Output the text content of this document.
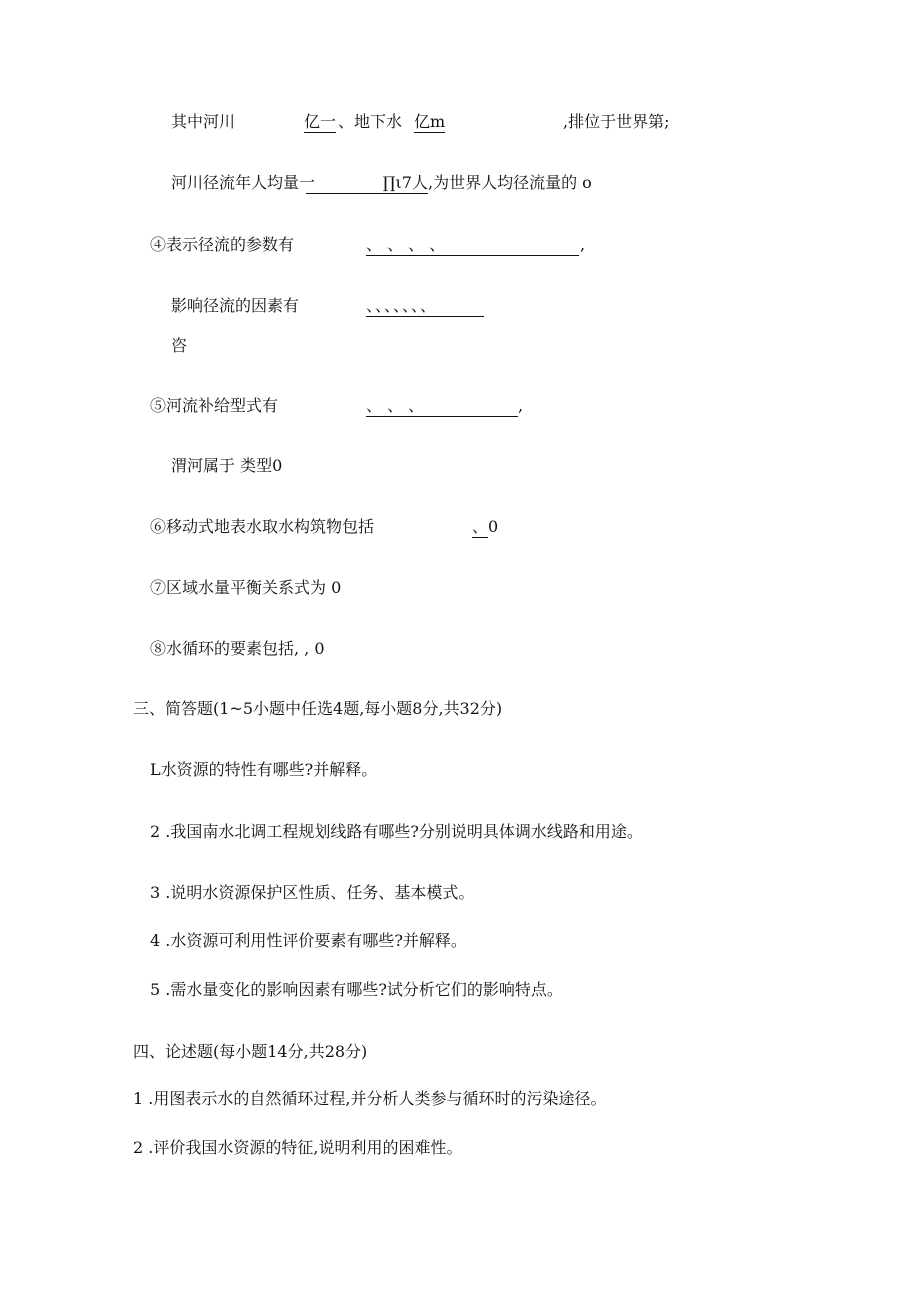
其中河川	亿一 、地下水 亿m	,排位于世界第;
河川径流年人均量一	∏ι7人 ,为世界人均径流量的 o
④表示径流的参数有	、 、 、 、	,
影响径流的因素有	、、、、、、、
咨
⑤河流补给型式有	、 、 、	,
渭河属于 类型0
⑥移动式地表水取水构筑物包括	、 0
⑦区域水量平衡关系式为 0
⑧水循环的要素包括, , 0
三、简答题(1~5小题中任选4题,每小题8分,共32分)
L水资源的特性有哪些?并解释。
2 .我国南水北调工程规划线路有哪些?分别说明具体调水线路和用途。
3 .说明水资源保护区性质、任务、基本模式。
4 .水资源可利用性评价要素有哪些?并解释。
5 .需水量变化的影响因素有哪些?试分析它们的影响特点。
四、论述题(每小题14分,共28分)
1 .用图表示水的自然循环过程,并分析人类参与循环时的污染途径。
2 .评价我国水资源的特征,说明利用的困难性。
